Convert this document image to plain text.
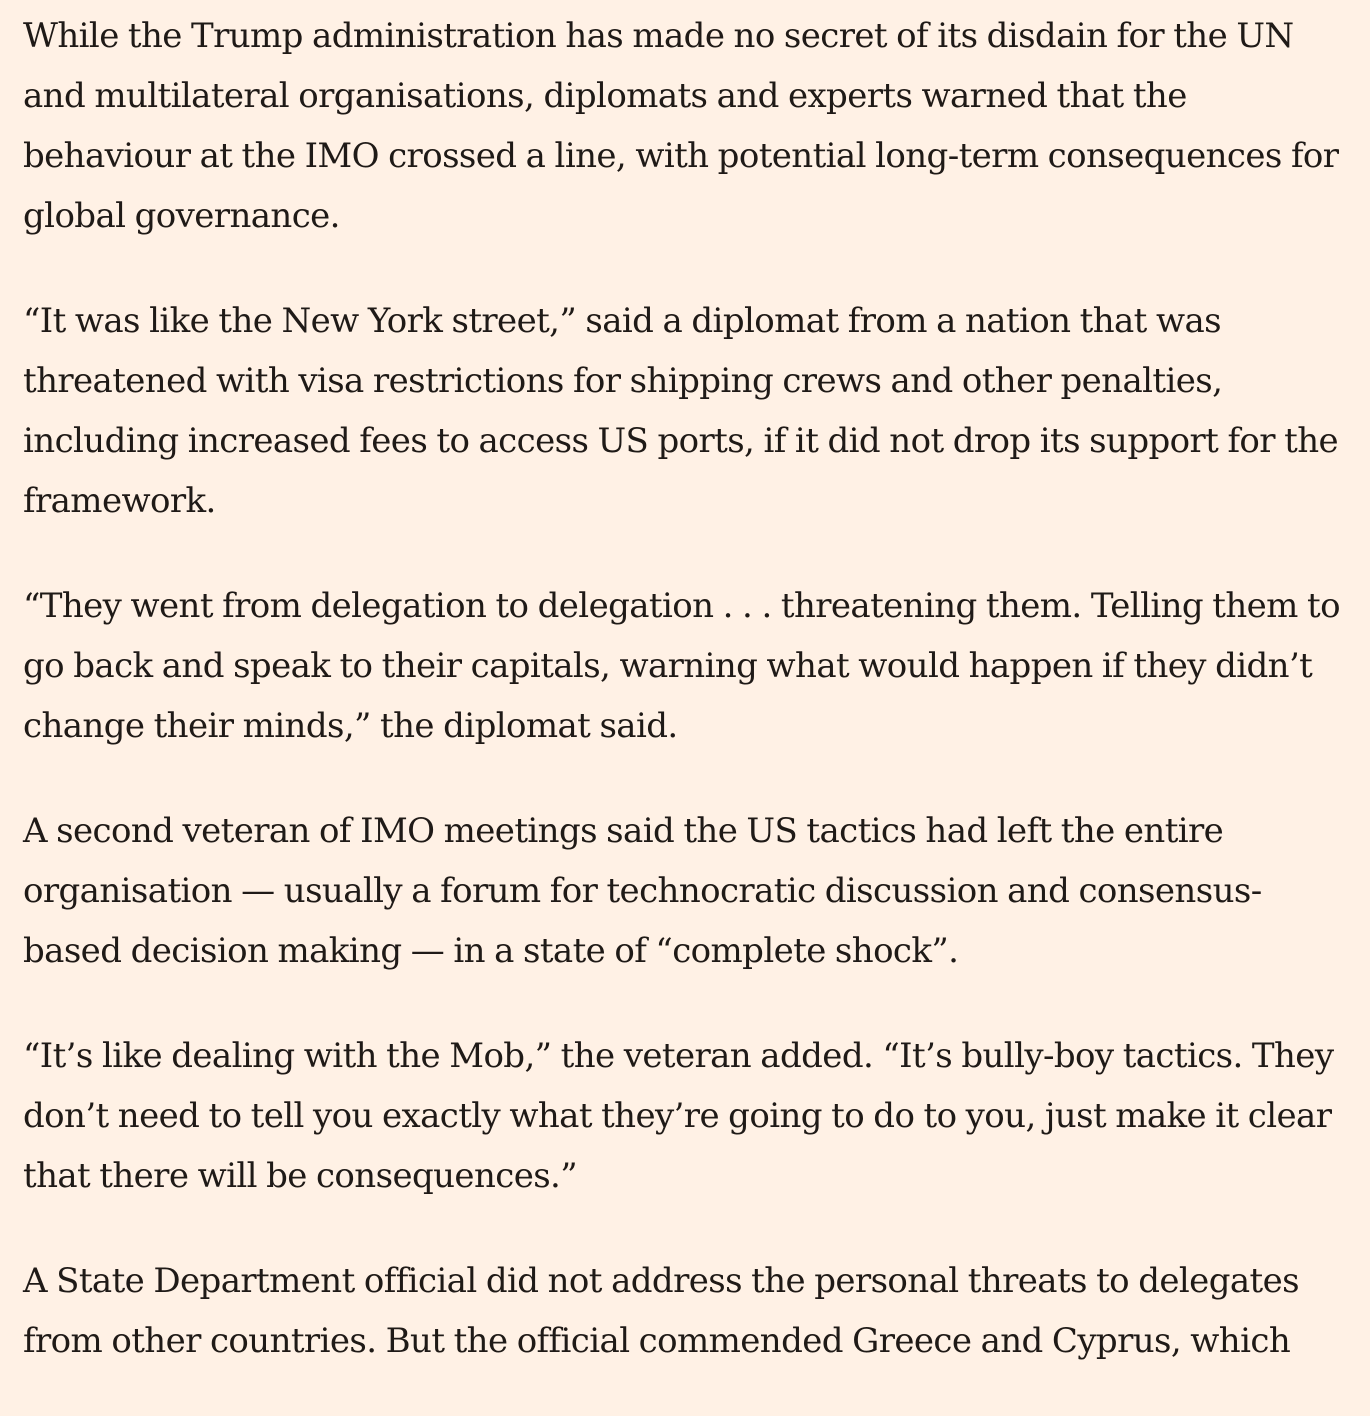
While the Trump administration has made no secret of its disdain for the UN
and multilateral organisations, diplomats and experts warned that the
behaviour at the IMO crossed a line, with potential long-term consequences for
global governance.

“It was like the New York street,” said a diplomat from a nation that was
threatened with visa restrictions for shipping crews and other penalties,
including increased fees to access US ports, if it did not drop its support for the
framework.

“They went from delegation to delegation . . . threatening them. Telling them to
go back and speak to their capitals, warning what would happen if they didn’t
change their minds,” the diplomat said.

A second veteran of IMO meetings said the US tactics had left the entire
organisation — usually a forum for technocratic discussion and consensus-
based decision making — in a state of “complete shock”.

“It’s like dealing with the Mob,” the veteran added. “It’s bully-boy tactics. They
don’t need to tell you exactly what they’re going to do to you, just make it clear
that there will be consequences.”

A State Department official did not address the personal threats to delegates
from other countries. But the official commended Greece and Cyprus, which
